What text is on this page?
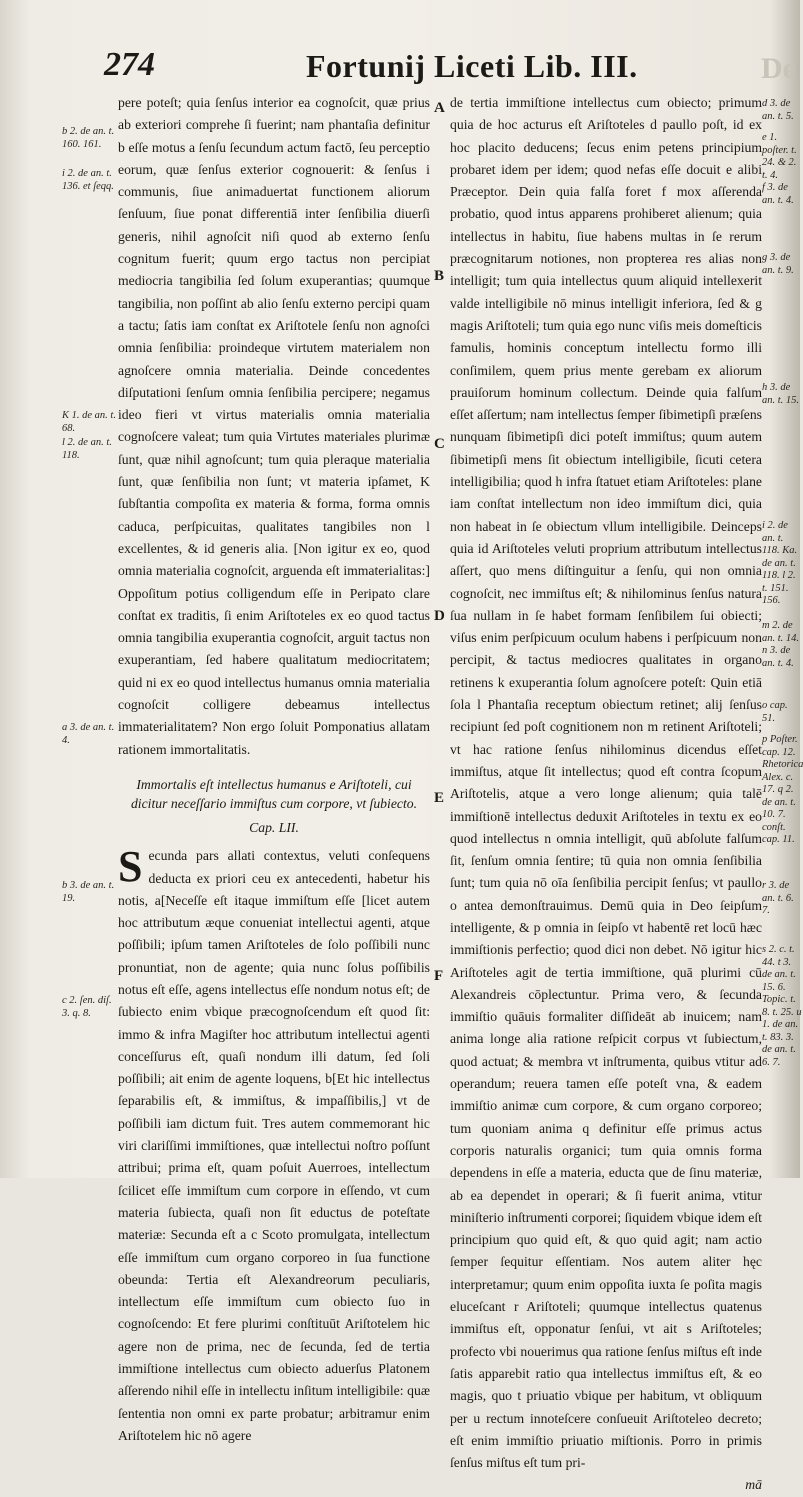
274	Fortunij Liceti Lib. III.	De
b 2. de an. t. 160. 161.
i 2. de an. t. 136. et ſeqq.
K 1. de an. t. 68.
l 2. de an. t. 118.
a 3. de an. t. 4.
b 3. de an. t. 19.
c 2. ſen. diſ. 3. q. 8.
A
B
C
D
E
F

pere poteſt; quia ſenſus interior ea cognoſcit, quæ prius ab exteriori comprehe ſi fuerint; nam phantaſia definitur b eſſe motus a ſenſu ſecundum actum factō, ſeu perceptio eorum, quæ ſenſus exterior cognouerit: & ſenſus i communis, ſiue animaduertat functionem aliorum ſenſuum, ſiue ponat differentiā inter ſenſibilia diuerſi generis, nihil agnoſcit niſi quod ab externo ſenſu cognitum fuerit; quum ergo tactus non percipiat mediocria tangibilia ſed ſolum exuperantias; quumque tangibilia, non poſſint ab alio ſenſu externo percipi quam a tactu; ſatis iam conſtat ex Ariſtotele ſenſu non agnoſci omnia ſenſibilia: proindeque virtutem materialem non agnoſcere omnia materialia. Deinde concedentes diſputationi ſenſum omnia ſenſibilia percipere; negamus ideo fieri vt virtus materialis omnia materialia cognoſcere valeat; tum quia Virtutes materiales plurimæ ſunt, quæ nihil agnoſcunt; tum quia pleraque materialia ſunt, quæ ſenſibilia non ſunt; vt materia ipſamet, K ſubſtantia compoſita ex materia & forma, forma omnis caduca, perſpicuitas, qualitates tangibiles non l excellentes, & id generis alia. [Non igitur ex eo, quod omnia materialia cognoſcit, arguenda eſt immaterialitas:] Oppoſitum potius colligendum eſſe in Peripato clare conſtat ex traditis, ſi enim Ariſtoteles ex eo quod tactus omnia tangibilia exuperantia cognoſcit, arguit tactus non exuperantiam, ſed habere qualitatum mediocritatem; quid ni ex eo quod intellectus humanus omnia materialia cognoſcit colligere debeamus intellectus immaterialitatem? Non ergo ſoluit Pomponatius allatam rationem immortalitatis.

Immortalis eſt intellectus humanus e Ariſtoteli, cui dicitur neceſſario immiſtus cum corpore, vt ſubiecto.
Cap. LII.

Secunda pars allati contextus, veluti conſequens deducta ex priori ceu ex antecedenti, habetur his notis, a[Neceſſe eſt itaque immiſtum eſſe [licet autem hoc attributum æque conueniat intellectui agenti, atque poſſibili; ipſum tamen Ariſtoteles de ſolo poſſibili nunc pronuntiat, non de agente; quia nunc ſolus poſſibilis notus eſt eſſe, agens intellectus eſſe nondum notus eſt; de ſubiecto enim vbique præcognoſcendum eſt quod ſit: immo & infra Magiſter hoc attributum intellectui agenti conceſſurus eſt, quaſi nondum illi datum, ſed ſoli poſſibili; ait enim de agente loquens, b[Et hic intellectus ſeparabilis eſt, & immiſtus, & impaſſibilis,] vt de poſſibili iam dictum fuit. Tres autem commemorant hic viri clariſſimi immiſtiones, quæ intellectui noſtro poſſunt attribui; prima eſt, quam poſuit Auerroes, intellectum ſcilicet eſſe immiſtum cum corpore in eſſendo, vt cum materia ſubiecta, quaſi non ſit eductus de poteſtate materiæ: Secunda eſt a c Scoto promulgata, intellectum eſſe immiſtum cum organo corporeo in ſua functione obeunda: Tertia eſt Alexandreorum peculiaris, intellectum eſſe immiſtum cum obiecto ſuo in cognoſcendo: Et fere plurimi conſtituūt Ariſtotelem hic agere non de prima, nec de ſecunda, ſed de tertia immiſtione intellectus cum obiecto aduerſus Platonem aſſerendo nihil eſſe in intellectu inſitum intelligibile: quæ ſententia non omni ex parte probatur; arbitramur enim Ariſtotelem hic nō agere

de tertia immiſtione intellectus cum obiecto; primum quia de hoc acturus eſt Ariſtoteles d paullo poſt, id ex hoc placito deducens; ſecus enim petens principium probaret idem per idem; quod nefas eſſe docuit e alibi Præceptor. Dein quia falſa foret f mox aſſerenda probatio, quod intus apparens prohiberet alienum; quia intellectus in habitu, ſiue habens multas in ſe rerum præcognitarum notiones, non propterea res alias non intelligit; tum quia intellectus quum aliquid intellexerit valde intelligibile nō minus intelligit inferiora, ſed & g magis Ariſtoteli; tum quia ego nunc viſis meis domeſticis famulis, hominis conceptum intellectu formo illi conſimilem, quem prius mente gerebam ex aliorum prauiſorum hominum collectum. Deinde quia falſum eſſet aſſertum; nam intellectus ſemper ſibimetipſi præſens nunquam ſibimetipſi dici poteſt immiſtus; quum autem ſibimetipſi mens ſit obiectum intelligibile, ſicuti cetera intelligibilia; quod h infra ſtatuet etiam Ariſtoteles: plane iam conſtat intellectum non ideo immiſtum dici, quia non habeat in ſe obiectum vllum intelligibile. Deinceps quia id Ariſtoteles veluti proprium attributum intellectus aſſert, quo mens diſtinguitur a ſenſu, qui non omnia cognoſcit, nec immiſtus eſt; & nihilominus ſenſus natura ſua nullam in ſe habet formam ſenſibilem ſui obiecti; viſus enim perſpicuum oculum habens i perſpicuum non percipit, & tactus mediocres qualitates in organo retinens k exuperantia ſolum agnoſcere poteſt: Quin etiā ſola l Phantaſia receptum obiectum retinet; alij ſenſus recipiunt ſed poſt cognitionem non m retinent Ariſtoteli; vt hac ratione ſenſus nihilominus dicendus eſſet immiſtus, atque ſit intellectus; quod eſt contra ſcopum Ariſtotelis, atque a vero longe alienum; quia talē immiſtionē intellectus deduxit Ariſtoteles in textu ex eo quod intellectus n omnia intelligit, quū abſolute falſum ſit, ſenſum omnia ſentire; tū quia non omnia ſenſibilia ſunt; tum quia nō oīa ſenſibilia percipit ſenſus; vt paullo o antea demonſtrauimus. Demū quia in Deo ſeipſum intelligente, & p omnia in ſeipſo vt habentē ret locū hæc immiſtionis perfectio; quod dici non debet. Nō igitur hic Ariſtoteles agit de tertia immiſtione, quā plurimi cū Alexandreis cōplectuntur. Prima vero, & ſecunda immiſtio quāuis formaliter diſſideāt ab inuicem; nam anima longe alia ratione reſpicit corpus vt ſubiectum, quod actuat; & membra vt inſtrumenta, quibus vtitur ad operandum; reuera tamen eſſe poteſt vna, & eadem immiſtio animæ cum corpore, & cum organo corporeo; tum quoniam anima q definitur eſſe primus actus corporis naturalis organici; tum quia omnis forma dependens in eſſe a materia, educta que de ſinu materiæ, ab ea dependet in operari; & ſi fuerit anima, vtitur miniſterio inſtrumenti corporei; ſiquidem vbique idem eſt principium quo quid eſt, & quo quid agit; nam actio ſemper ſequitur eſſentiam. Nos autem aliter hęc interpretamur; quum enim oppoſita iuxta ſe poſita magis eluceſcant r Ariſtoteli; quumque intellectus quatenus immiſtus eſt, opponatur ſenſui, vt ait s Ariſtoteles; profecto vbi nouerimus qua ratione ſenſus miſtus eſt inde ſatis apparebit ratio qua intellectus immiſtus eſt, & eo magis, quo t priuatio vbique per habitum, vt obliquum per u rectum innoteſcere conſueuit Ariſtoteleo decreto; eſt enim immiſtio priuatio miſtionis. Porro in primis ſenſus miſtus eſt tum pri-

mā
d 3. de an. t. 5.
e 1. poſter. t. 24. & 2. t. 4.
f 3. de an. t. 4.
g 3. de an. t. 9.
h 3. de an. t. 15.
i 2. de an. t. 118. Ka. de an. t. 118. l 2. t. 151. 156.
m 2. de an. t. 14. n 3. de an. t. 4.
o cap. 51.
p Poſter. cap. 12. Rhetorica Alex. c. 17. q 2. de an. t. 10. 7. conſt. cap. 11.
r 3. de an. t. 6. 7.
s 2. c. t. 44. t 3. de an. t. 15. 6. Topic. t. 8. t. 25. u 1. de an. t. 83. 3. de an. t. 6. 7.
